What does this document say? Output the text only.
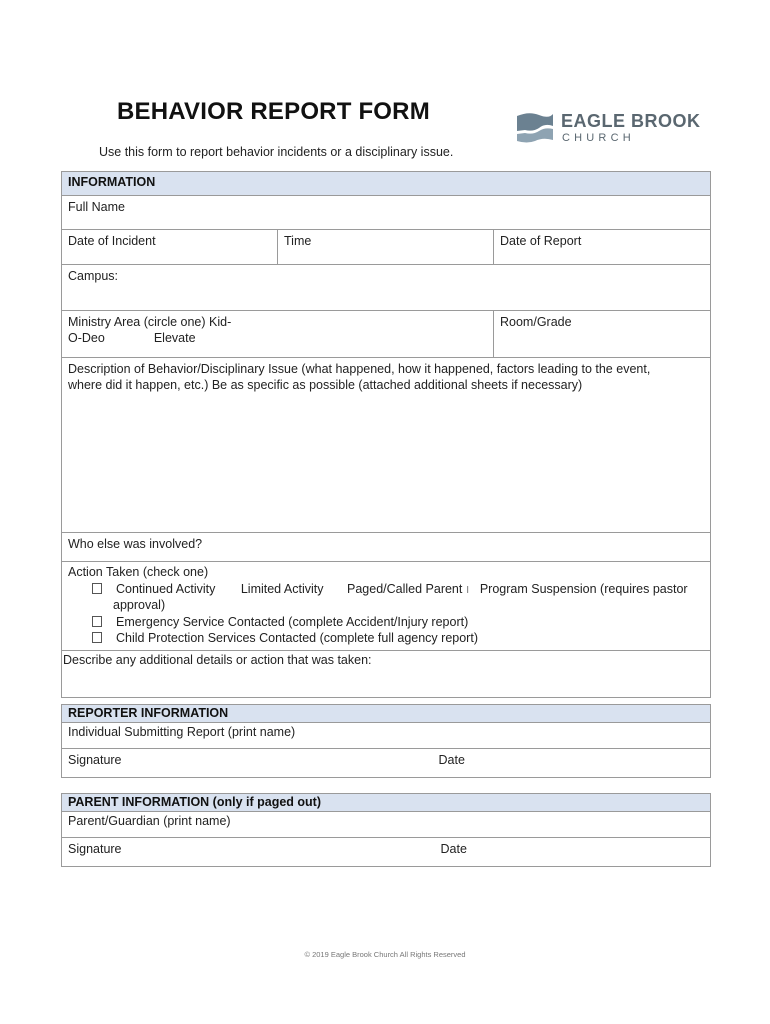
BEHAVIOR REPORT FORM
Use this form to report behavior incidents or a disciplinary issue.
EAGLE BROOK
CHURCH
INFORMATION		

Full Name		

Date of Incident	Time	Date of Report

Campus:		

Ministry Area (circle one) Kid-
O-Deo Elevate		Room/Grade

Description of Behavior/Disciplinary Issue (what happened, how it happened, factors leading to the event,
where did it happen, etc.) Be as specific as possible (attached additional sheets if necessary)		

Who else was involved?		

Action Taken (check one)
Continued Activity Limited Activity Paged/Called Parent ı Program Suspension (requires pastor
approval)
Emergency Service Contacted (complete Accident/Injury report)
Child Protection Services Contacted (complete full agency report)		

Describe any additional details or action that was taken:		
REPORTER INFORMATION

Individual Submitting Report (print name)

Signature	Date
PARENT INFORMATION (only if paged out)

Parent/Guardian (print name)

Signature	Date
© 2019 Eagle Brook Church All Rights Reserved
